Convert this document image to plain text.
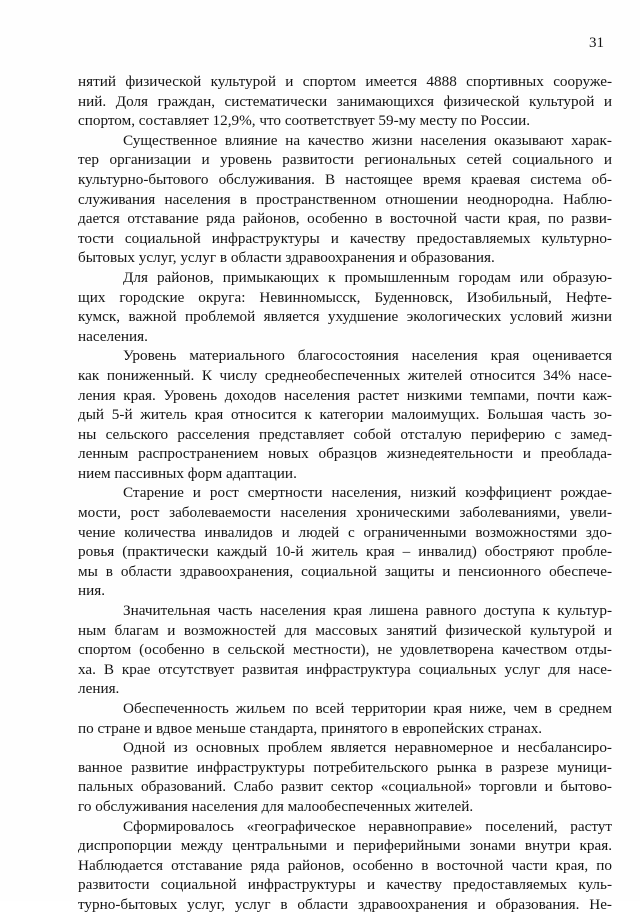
31

нятий физической культурой и спортом имеется 4888 спортивных сооруже-
ний. Доля граждан, систематически занимающихся физической культурой и
спортом, составляет 12,9%, что соответствует 59-му месту по России.

Существенное влияние на качество жизни населения оказывают харак-
тер организации и уровень развитости региональных сетей социального и
культурно-бытового обслуживания. В настоящее время краевая система об-
служивания населения в пространственном отношении неоднородна. Наблю-
дается отставание ряда районов, особенно в восточной части края, по разви-
тости социальной инфраструктуры и качеству предоставляемых культурно-
бытовых услуг, услуг в области здравоохранения и образования.

Для районов, примыкающих к промышленным городам или образую-
щих городские округа: Невинномысск, Буденновск, Изобильный, Нефте-
кумск, важной проблемой является ухудшение экологических условий жизни
населения.

Уровень материального благосостояния населения края оценивается
как пониженный. К числу среднеобеспеченных жителей относится 34% насе-
ления края. Уровень доходов населения растет низкими темпами, почти каж-
дый 5-й житель края относится к категории малоимущих. Большая часть зо-
ны сельского расселения представляет собой отсталую периферию с замед-
ленным распространением новых образцов жизнедеятельности и преоблада-
нием пассивных форм адаптации.

Старение и рост смертности населения, низкий коэффициент рождае-
мости, рост заболеваемости населения хроническими заболеваниями, увели-
чение количества инвалидов и людей с ограниченными возможностями здо-
ровья (практически каждый 10-й житель края – инвалид) обостряют пробле-
мы в области здравоохранения, социальной защиты и пенсионного обеспече-
ния.

Значительная часть населения края лишена равного доступа к культур-
ным благам и возможностей для массовых занятий физической культурой и
спортом (особенно в сельской местности), не удовлетворена качеством отды-
ха. В крае отсутствует развитая инфраструктура социальных услуг для насе-
ления.

Обеспеченность жильем по всей территории края ниже, чем в среднем
по стране и вдвое меньше стандарта, принятого в европейских странах.

Одной из основных проблем является неравномерное и несбалансиро-
ванное развитие инфраструктуры потребительского рынка в разрезе муници-
пальных образований. Слабо развит сектор «социальной» торговли и бытово-
го обслуживания населения для малообеспеченных жителей.

Сформировалось «географическое неравноправие» поселений, растут
диспропорции между центральными и периферийными зонами внутри края.
Наблюдается отставание ряда районов, особенно в восточной части края, по
развитости социальной инфраструктуры и качеству предоставляемых куль-
турно-бытовых услуг, услуг в области здравоохранения и образования. Не-
